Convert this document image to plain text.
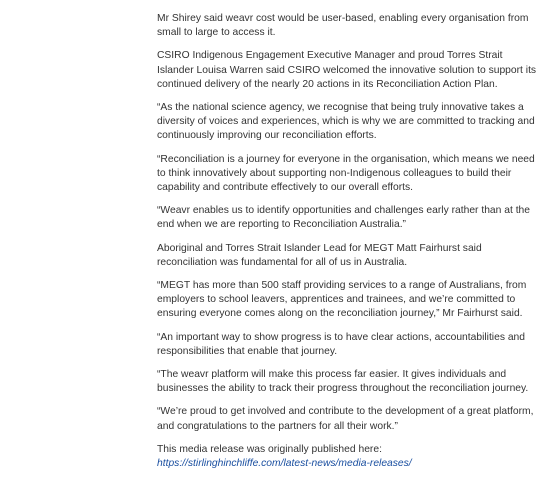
Mr Shirey said weavr cost would be user-based, enabling every organisation from small to large to access it.

CSIRO Indigenous Engagement Executive Manager and proud Torres Strait Islander Louisa Warren said CSIRO welcomed the innovative solution to support its continued delivery of the nearly 20 actions in its Reconciliation Action Plan.

“As the national science agency, we recognise that being truly innovative takes a diversity of voices and experiences, which is why we are committed to tracking and continuously improving our reconciliation efforts.

“Reconciliation is a journey for everyone in the organisation, which means we need to think innovatively about supporting non-Indigenous colleagues to build their capability and contribute effectively to our overall efforts.

“Weavr enables us to identify opportunities and challenges early rather than at the end when we are reporting to Reconciliation Australia.”

Aboriginal and Torres Strait Islander Lead for MEGT Matt Fairhurst said reconciliation was fundamental for all of us in Australia.

“MEGT has more than 500 staff providing services to a range of Australians, from employers to school leavers, apprentices and trainees, and we’re committed to ensuring everyone comes along on the reconciliation journey,” Mr Fairhurst said.

“An important way to show progress is to have clear actions, accountabilities and responsibilities that enable that journey.

“The weavr platform will make this process far easier. It gives individuals and businesses the ability to track their progress throughout the reconciliation journey.

“We’re proud to get involved and contribute to the development of a great platform, and congratulations to the partners for all their work.”

This media release was originally published here: https://stirlinghinchliffe.com/latest-news/media-releases/
